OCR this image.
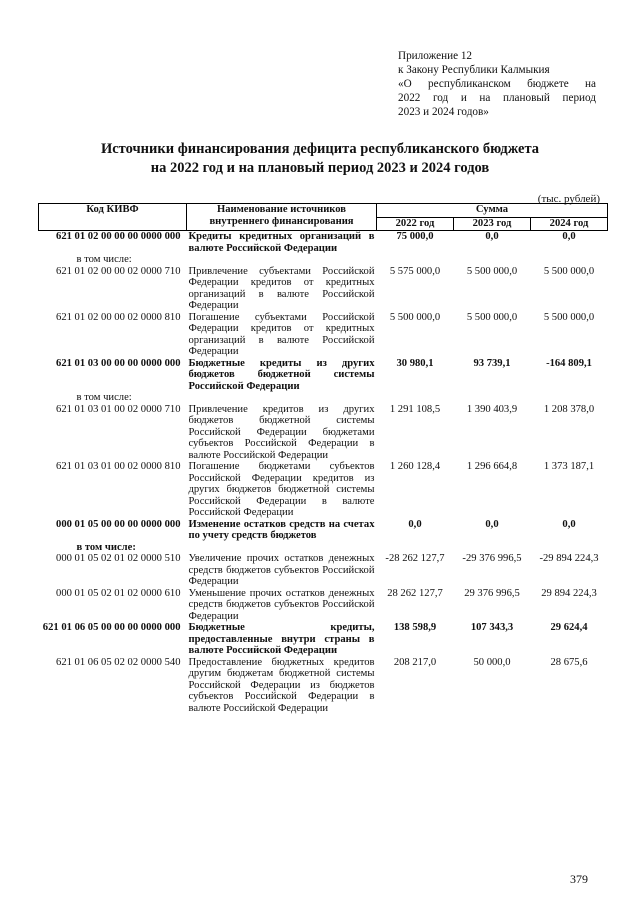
Приложение 12
к Закону Республики Калмыкия
«О республиканском бюджете на
2022 год и на плановый период
2023 и 2024 годов»
Источники финансирования дефицита республиканского бюджета
на 2022 год и на плановый период 2023 и 2024 годов
(тыс. рублей)
Код КИВФ	Наименование источников внутреннего финансирования	Сумма		
		2022 год	2023 год	2024 год
621 01 02 00 00 00 0000 000	Кредиты кредитных организаций в валюте Российской Федерации	75 000,0	0,0	0,0
в том числе:				
621 01 02 00 00 02 0000 710	Привлечение субъектами Российской Федерации кредитов от кредитных организаций в валюте Российской Федерации	5 575 000,0	5 500 000,0	5 500 000,0
621 01 02 00 00 02 0000 810	Погашение субъектами Российской Федерации кредитов от кредитных организаций в валюте Российской Федерации	5 500 000,0	5 500 000,0	5 500 000,0
621 01 03 00 00 00 0000 000	Бюджетные кредиты из других бюджетов бюджетной системы Российской Федерации	30 980,1	93 739,1	-164 809,1
в том числе:				
621 01 03 01 00 02 0000 710	Привлечение кредитов из других бюджетов бюджетной системы Российской Федерации бюджетами субъектов Российской Федерации в валюте Российской Федерации	1 291 108,5	1 390 403,9	1 208 378,0
621 01 03 01 00 02 0000 810	Погашение бюджетами субъектов Российской Федерации кредитов из других бюджетов бюджетной системы Российской Федерации в валюте Российской Федерации	1 260 128,4	1 296 664,8	1 373 187,1
000 01 05 00 00 00 0000 000	Изменение остатков средств на счетах по учету средств бюджетов	0,0	0,0	0,0
в том числе:				
000 01 05 02 01 02 0000 510	Увеличение прочих остатков денежных средств бюджетов субъектов Российской Федерации	-28 262 127,7	-29 376 996,5	-29 894 224,3
000 01 05 02 01 02 0000 610	Уменьшение прочих остатков денежных средств бюджетов субъектов Российской Федерации	28 262 127,7	29 376 996,5	29 894 224,3
621 01 06 05 00 00 00 0000 000	Бюджетные кредиты, предоставленные внутри страны в валюте Российской Федерации	138 598,9	107 343,3	29 624,4
621 01 06 05 02 02 0000 540	Предоставление бюджетных кредитов другим бюджетам бюджетной системы Российской Федерации из бюджетов субъектов Российской Федерации в валюте Российской Федерации	208 217,0	50 000,0	28 675,6
379
